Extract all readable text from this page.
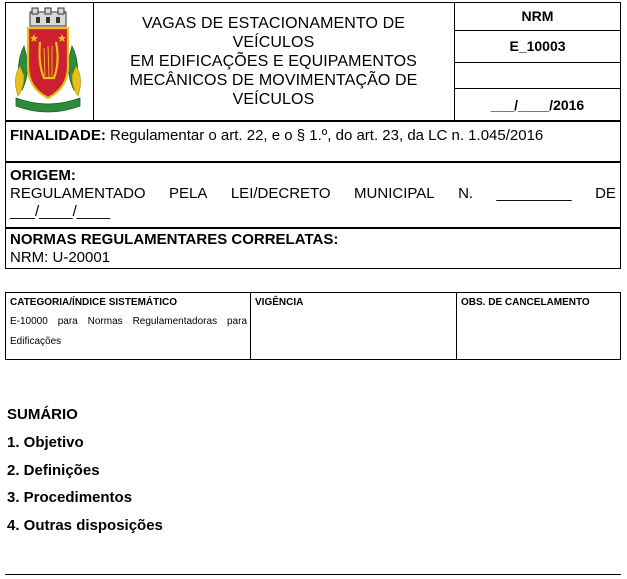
VAGAS DE ESTACIONAMENTO DE VEÍCULOS
EM EDIFICAÇÕES E EQUIPAMENTOS
MECÂNICOS DE MOVIMENTAÇÃO DE
VEÍCULOS
NRM
E_10003
___/____/2016
FINALIDADE: Regulamentar o art. 22, e o § 1.º, do art. 23, da LC n. 1.045/2016
ORIGEM:
REGULAMENTADO PELA LEI/DECRETO MUNICIPAL N. _________ DE
___/____/____
NORMAS REGULAMENTARES CORRELATAS:
NRM: U-20001
CATEGORIA/ÍNDICE SISTEMÁTICO
E-10000 para Normas Regulamentadoras para Edificações
VIGÊNCIA	OBS. DE CANCELAMENTO
SUMÁRIO
1. Objetivo
2. Definições
3. Procedimentos
4. Outras disposições
